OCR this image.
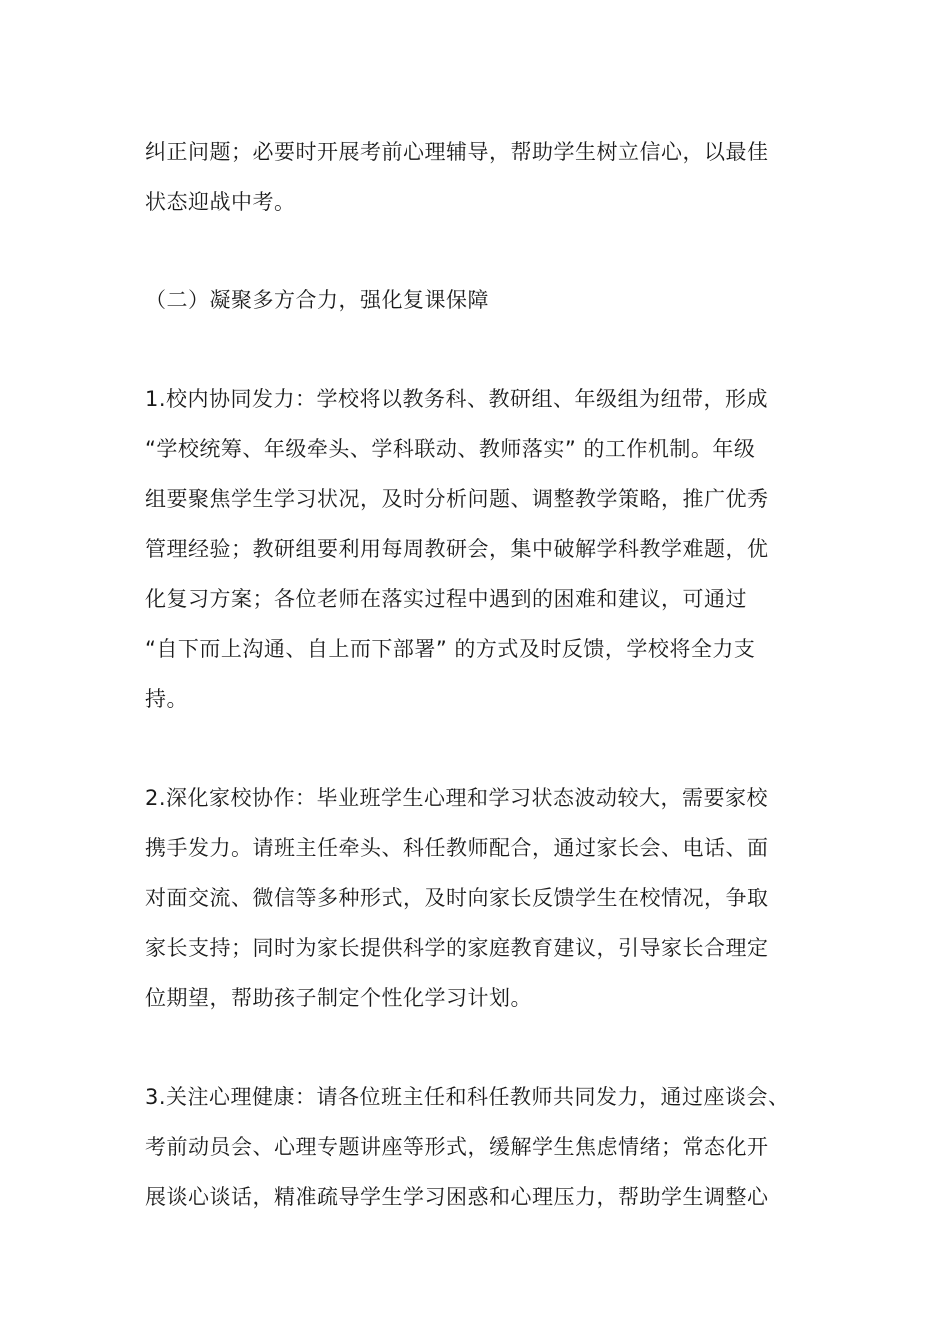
纠正问题；必要时开展考前心理辅导，帮助学生树立信心，以最佳
状态迎战中考。
（二）凝聚多方合力，强化复课保障
1.校内协同发力：学校将以教务科、教研组、年级组为纽带，形成
“学校统筹、年级牵头、学科联动、教师落实” 的工作机制。年级
组要聚焦学生学习状况，及时分析问题、调整教学策略，推广优秀
管理经验；教研组要利用每周教研会，集中破解学科教学难题，优
化复习方案；各位老师在落实过程中遇到的困难和建议，可通过
“自下而上沟通、自上而下部署” 的方式及时反馈，学校将全力支
持。
2.深化家校协作：毕业班学生心理和学习状态波动较大，需要家校
携手发力。请班主任牵头、科任教师配合，通过家长会、电话、面
对面交流、微信等多种形式，及时向家长反馈学生在校情况，争取
家长支持；同时为家长提供科学的家庭教育建议，引导家长合理定
位期望，帮助孩子制定个性化学习计划。
3.关注心理健康：请各位班主任和科任教师共同发力，通过座谈会、
考前动员会、心理专题讲座等形式，缓解学生焦虑情绪；常态化开
展谈心谈话，精准疏导学生学习困惑和心理压力，帮助学生调整心
